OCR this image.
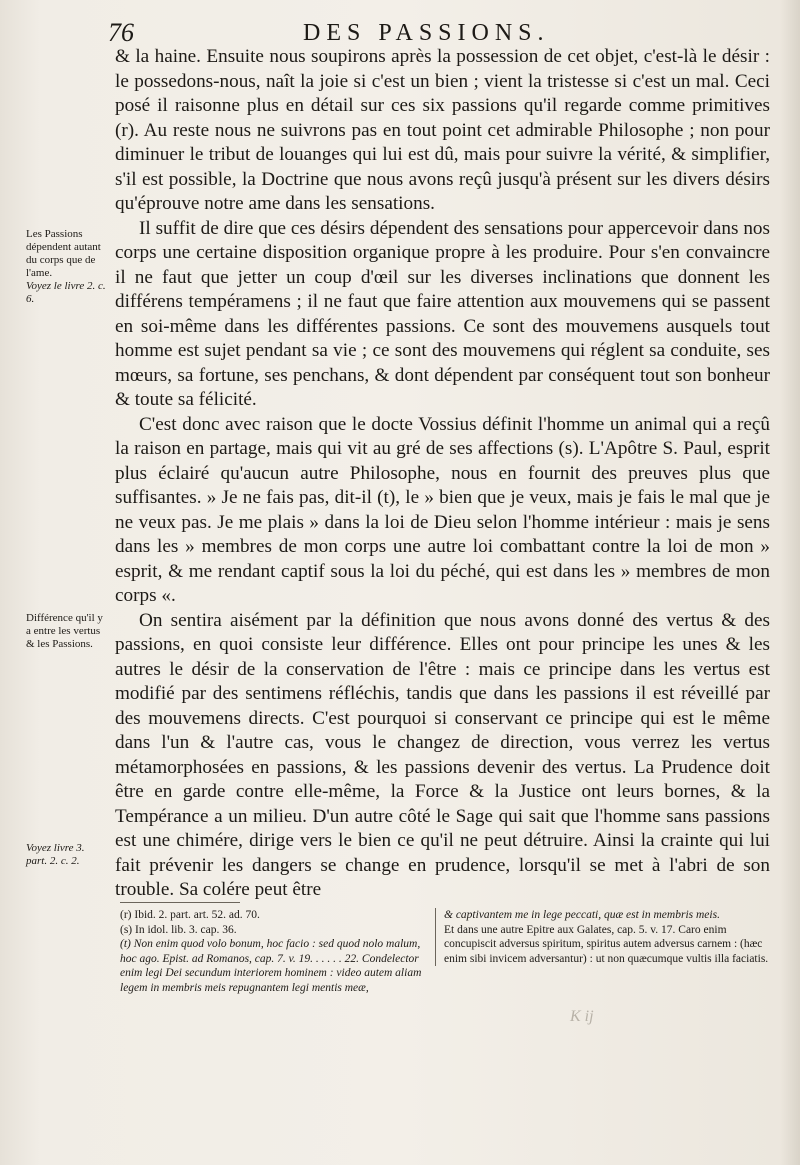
76	DES PASSIONS.

& la haine. Ensuite nous soupirons après la possession de cet objet, c'est-là le désir : le possedons-nous, naît la joie si c'est un bien ; vient la tristesse si c'est un mal. Ceci posé il raisonne plus en détail sur ces six passions qu'il regarde comme primitives (r). Au reste nous ne suivrons pas en tout point cet admirable Philosophe ; non pour diminuer le tribut de louanges qui lui est dû, mais pour suivre la vérité, & simplifier, s'il est possible, la Doctrine que nous avons reçû jusqu'à présent sur les divers désirs qu'éprouve notre ame dans les sensations.

Il suffit de dire que ces désirs dépendent des sensations pour appercevoir dans nos corps une certaine disposition organique propre à les produire. Pour s'en convaincre il ne faut que jetter un coup d'œil sur les diverses inclinations que donnent les différens tempéramens ; il ne faut que faire attention aux mouvemens qui se passent en soi-même dans les différentes passions. Ce sont des mouvemens ausquels tout homme est sujet pendant sa vie ; ce sont des mouvemens qui réglent sa conduite, ses mœurs, sa fortune, ses penchans, & dont dépendent par conséquent tout son bonheur & toute sa félicité.

C'est donc avec raison que le docte Vossius définit l'homme un animal qui a reçû la raison en partage, mais qui vit au gré de ses affections (s). L'Apôtre S. Paul, esprit plus éclairé qu'aucun autre Philosophe, nous en fournit des preuves plus que suffisantes. » Je ne fais pas, dit-il (t), le » bien que je veux, mais je fais le mal que je ne veux pas. Je me plais » dans la loi de Dieu selon l'homme intérieur : mais je sens dans les » membres de mon corps une autre loi combattant contre la loi de mon » esprit, & me rendant captif sous la loi du péché, qui est dans les » membres de mon corps «.

On sentira aisément par la définition que nous avons donné des vertus & des passions, en quoi consiste leur différence. Elles ont pour principe les unes & les autres le désir de la conservation de l'être : mais ce principe dans les vertus est modifié par des sentimens réfléchis, tandis que dans les passions il est réveillé par des mouvemens directs. C'est pourquoi si conservant ce principe qui est le même dans l'un & l'autre cas, vous le changez de direction, vous verrez les vertus métamorphosées en passions, & les passions devenir des vertus. La Prudence doit être en garde contre elle-même, la Force & la Justice ont leurs bornes, & la Tempérance a un milieu. D'un autre côté le Sage qui sait que l'homme sans passions est une chimére, dirige vers le bien ce qu'il ne peut détruire. Ainsi la crainte qui lui fait prévenir les dangers se change en prudence, lorsqu'il se met à l'abri de son trouble. Sa colére peut être

Les Passions dépendent autant du corps que de l'ame.
Voyez le livre 2. c. 6.
Différence qu'il y a entre les vertus & les Passions.
Voyez livre 3. part. 2. c. 2.
(r) Ibid. 2. part. art. 52. ad. 70.
(s) In idol. lib. 3. cap. 36.
(t) Non enim quod volo bonum, hoc facio : sed quod nolo malum, hoc ago. Epist. ad Romanos, cap. 7. v. 19. . . . . . 22. Condelector enim legi Dei secundum interiorem hominem : video autem aliam legem in membris meis repugnantem legi mentis meæ,
& captivantem me in lege peccati, quæ est in membris meis.
Et dans une autre Epitre aux Galates, cap. 5. v. 17. Caro enim concupiscit adversus spiritum, spiritus autem adversus carnem : (hæc enim sibi invicem adversantur) : ut non quæcumque vultis illa faciatis.
K ij
